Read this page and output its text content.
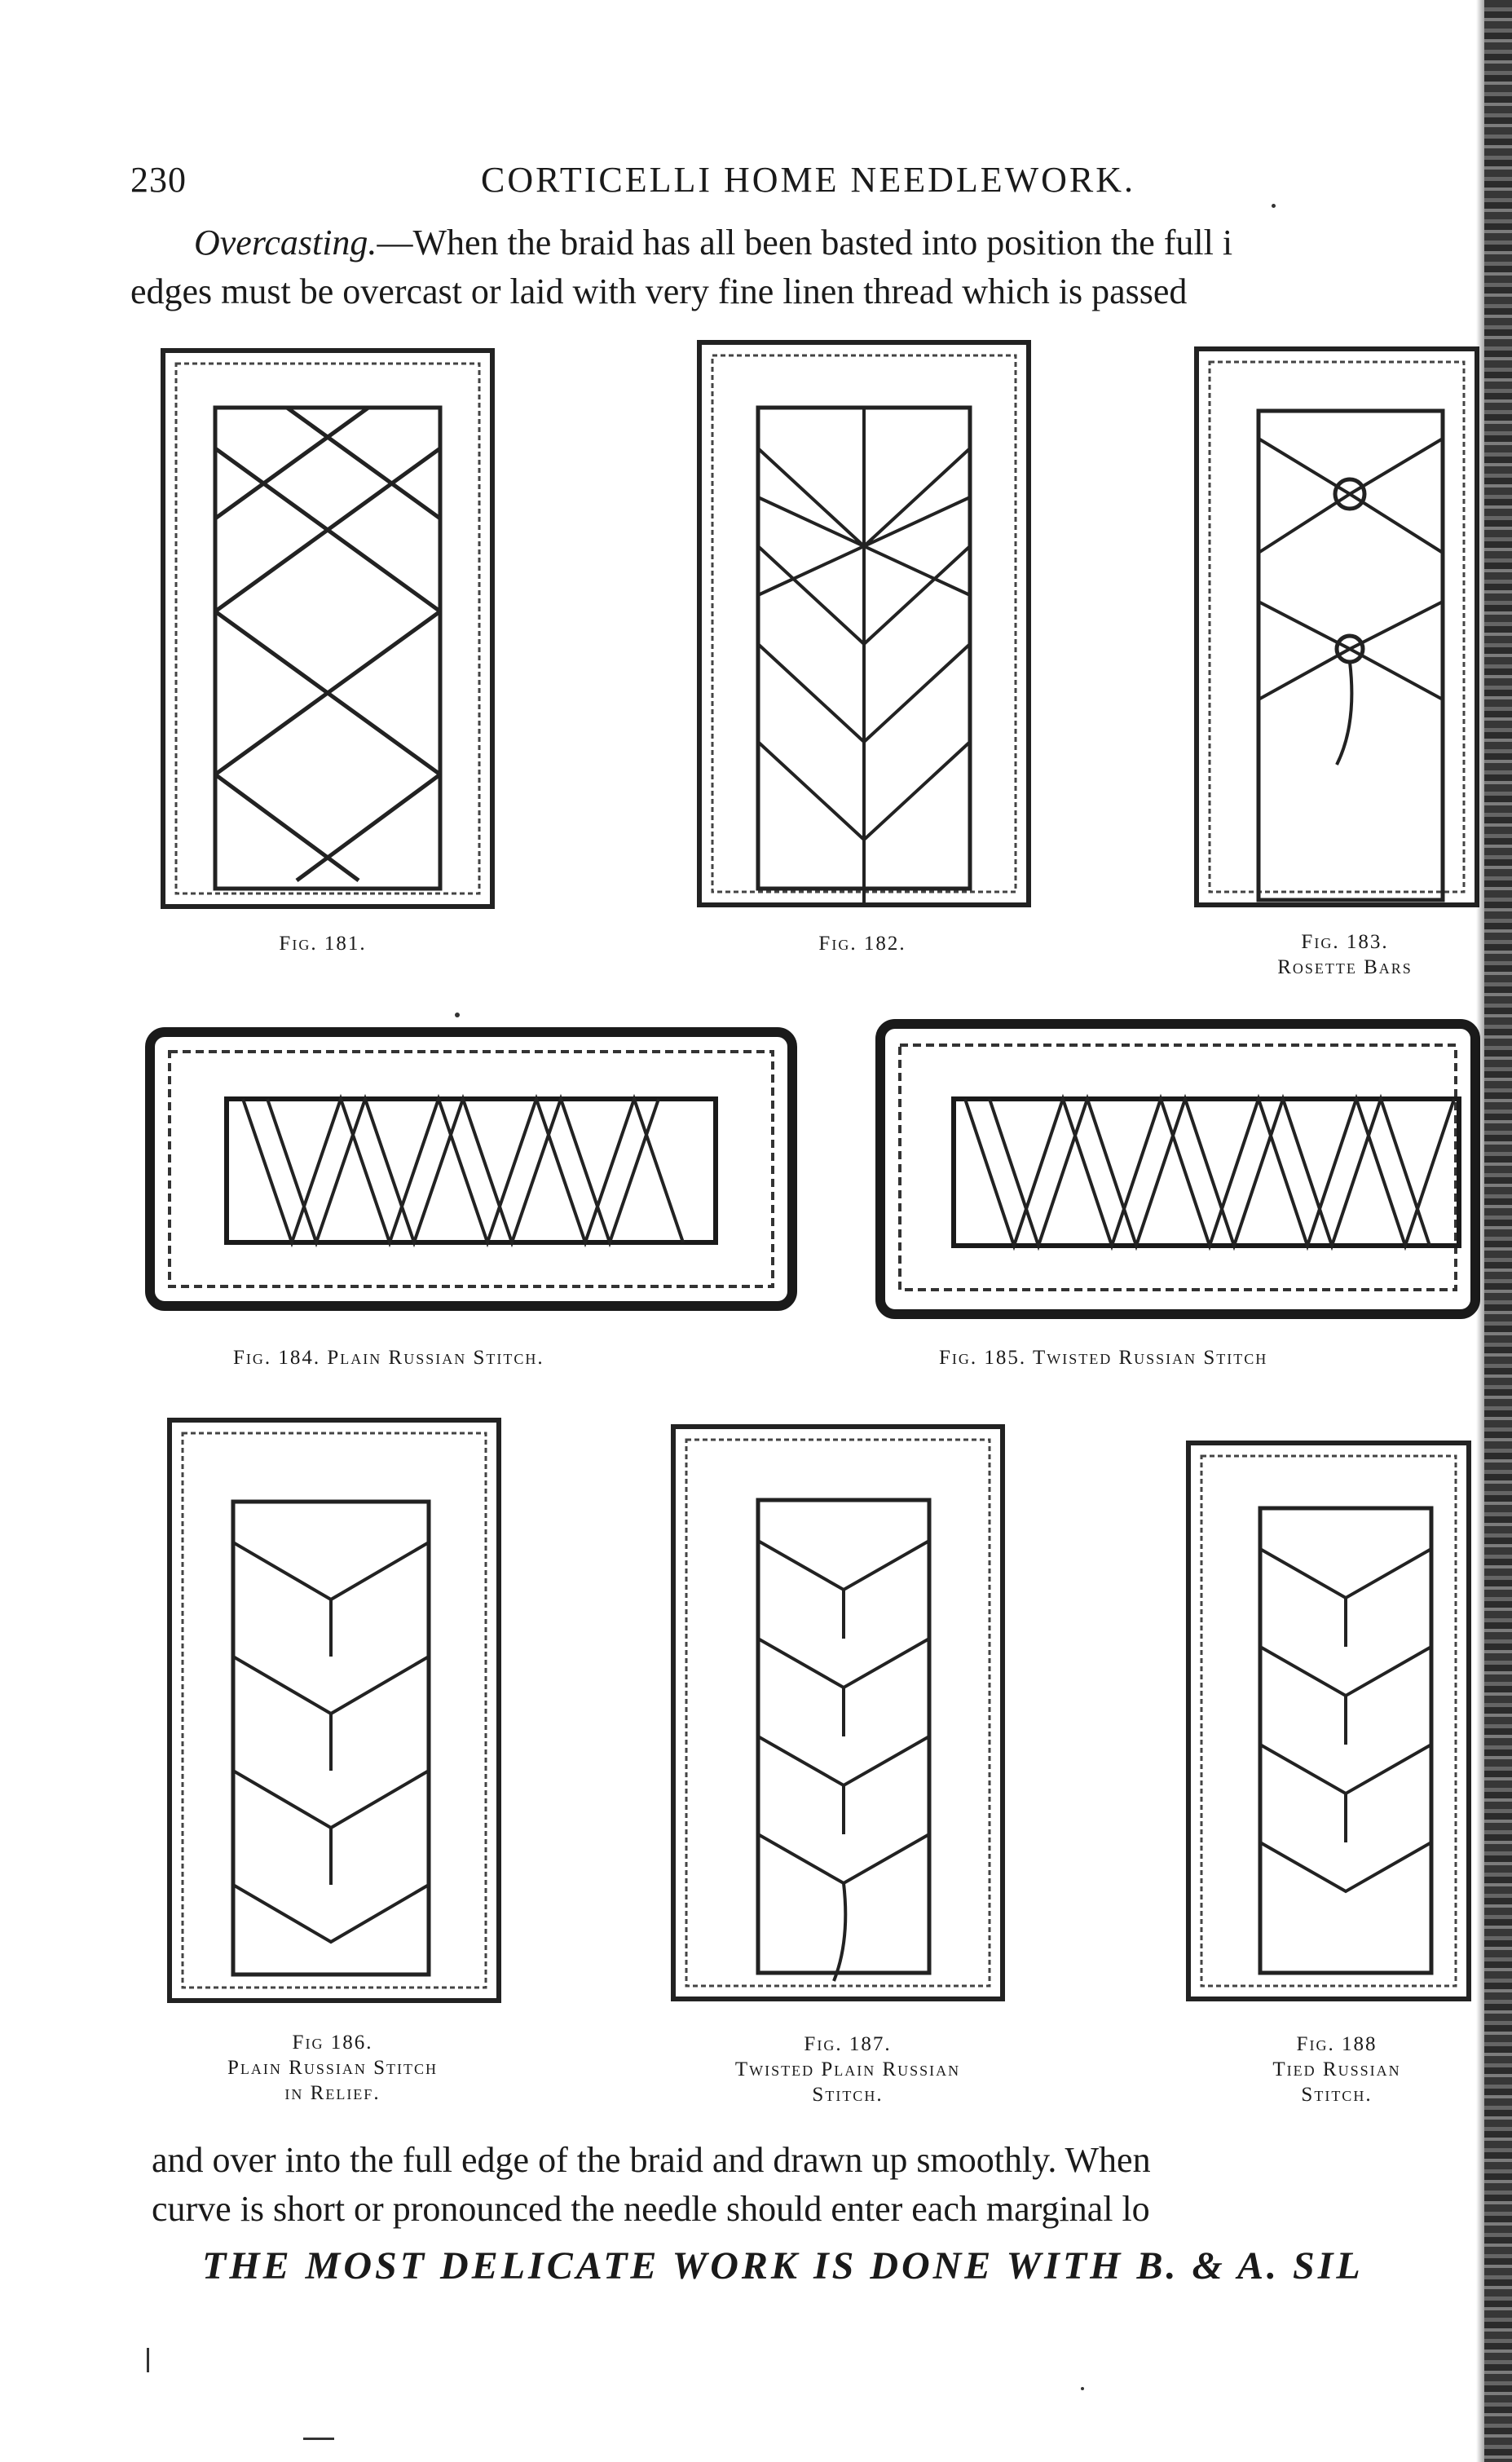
230	CORTICELLI HOME NEEDLEWORK.
Overcasting.—When the braid has all been basted into position the full i
edges must be overcast or laid with very fine linen thread which is passed
Fig. 181.	Fig. 182.	Fig. 183.
Rosette Bars
Fig. 184. Plain Russian Stitch.	Fig. 185. Twisted Russian Stitch
Fig 186.
Plain Russian Stitch
in Relief.
Fig. 187.
Twisted Plain Russian
Stitch.
Fig. 188
Tied Russian
Stitch.
and over into the full edge of the braid and drawn up smoothly. When
curve is short or pronounced the needle should enter each marginal lo
THE MOST DELICATE WORK IS DONE WITH B. & A. SIL
